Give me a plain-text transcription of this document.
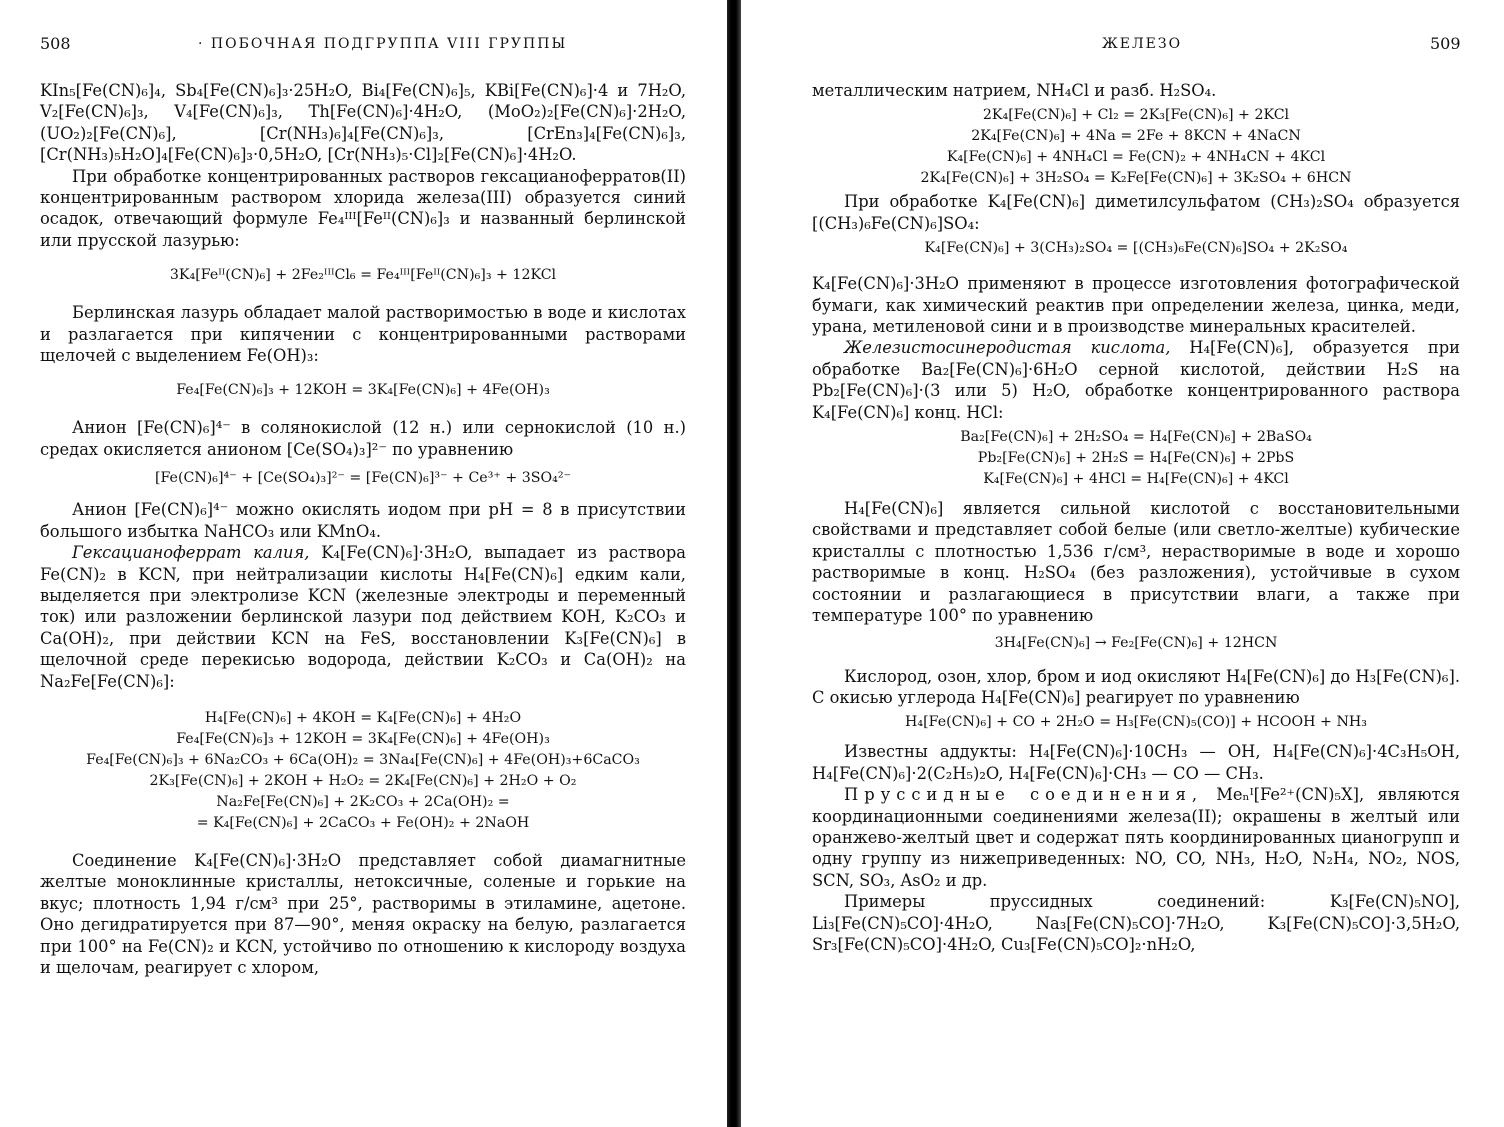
508	· ПОБОЧНАЯ ПОДГРУППА VIII ГРУППЫ

KIn₅[Fe(CN)₆]₄, Sb₄[Fe(CN)₆]₃·25H₂O, Bi₄[Fe(CN)₆]₅, KBi[Fe(CN)₆]·4 и 7H₂O, V₂[Fe(CN)₆]₃, V₄[Fe(CN)₆]₃, Th[Fe(CN)₆]·4H₂O, (MoO₂)₂[Fe(CN)₆]·2H₂O, (UO₂)₂[Fe(CN)₆], [Cr(NH₃)₆]₄[Fe(CN)₆]₃, [CrEn₃]₄[Fe(CN)₆]₃, [Cr(NH₃)₅H₂O]₄[Fe(CN)₆]₃·0,5H₂O, [Cr(NH₃)₅·Cl]₂[Fe(CN)₆]·4H₂O.

При обработке концентрированных растворов гексацианоферратов(II) концентрированным раствором хлорида железа(III) образуется синий осадок, отвечающий формуле Fe₄ᴵᴵᴵ[Feᴵᴵ(CN)₆]₃ и названный берлинской или прусской лазурью:

3K₄[Feᴵᴵ(CN)₆] + 2Fe₂ᴵᴵᴵCl₆ = Fe₄ᴵᴵᴵ[Feᴵᴵ(CN)₆]₃ + 12KCl

Берлинская лазурь обладает малой растворимостью в воде и кислотах и разлагается при кипячении с концентрированными растворами щелочей с выделением Fe(OH)₃:

Fe₄[Fe(CN)₆]₃ + 12KOH = 3K₄[Fe(CN)₆] + 4Fe(OH)₃

Анион [Fe(CN)₆]⁴⁻ в солянокислой (12 н.) или сернокислой (10 н.) средах окисляется анионом [Ce(SO₄)₃]²⁻ по уравнению

[Fe(CN)₆]⁴⁻ + [Ce(SO₄)₃]²⁻ = [Fe(CN)₆]³⁻ + Ce³⁺ + 3SO₄²⁻

Анион [Fe(CN)₆]⁴⁻ можно окислять иодом при pH = 8 в присутствии большого избытка NaHCO₃ или KMnO₄.

Гексацианоферрат калия, K₄[Fe(CN)₆]·3H₂O, выпадает из раствора Fe(CN)₂ в KCN, при нейтрализации кислоты H₄[Fe(CN)₆] едким кали, выделяется при электролизе KCN (железные электроды и переменный ток) или разложении берлинской лазури под действием KOH, K₂CO₃ и Ca(OH)₂, при действии KCN на FeS, восстановлении K₃[Fe(CN)₆] в щелочной среде перекисью водорода, действии K₂CO₃ и Ca(OH)₂ на Na₂Fe[Fe(CN)₆]:

H₄[Fe(CN)₆] + 4KOH = K₄[Fe(CN)₆] + 4H₂O

Fe₄[Fe(CN)₆]₃ + 12KOH = 3K₄[Fe(CN)₆] + 4Fe(OH)₃

Fe₄[Fe(CN)₆]₃ + 6Na₂CO₃ + 6Ca(OH)₂ = 3Na₄[Fe(CN)₆] + 4Fe(OH)₃+6CaCO₃

2K₃[Fe(CN)₆] + 2KOH + H₂O₂ = 2K₄[Fe(CN)₆] + 2H₂O + O₂

Na₂Fe[Fe(CN)₆] + 2K₂CO₃ + 2Ca(OH)₂ =

= K₄[Fe(CN)₆] + 2CaCO₃ + Fe(OH)₂ + 2NaOH

Соединение K₄[Fe(CN)₆]·3H₂O представляет собой диамагнитные желтые моноклинные кристаллы, нетоксичные, соленые и горькие на вкус; плотность 1,94 г/см³ при 25°, растворимы в этиламине, ацетоне. Оно дегидратируется при 87—90°, меняя окраску на белую, разлагается при 100° на Fe(CN)₂ и KCN, устойчиво по отношению к кислороду воздуха и щелочам, реагирует с хлором,

ЖЕЛЕЗО	509

металлическим натрием, NH₄Cl и разб. H₂SO₄.

2K₄[Fe(CN)₆] + Cl₂ = 2K₃[Fe(CN)₆] + 2KCl

2K₄[Fe(CN)₆] + 4Na = 2Fe + 8KCN + 4NaCN

K₄[Fe(CN)₆] + 4NH₄Cl = Fe(CN)₂ + 4NH₄CN + 4KCl

2K₄[Fe(CN)₆] + 3H₂SO₄ = K₂Fe[Fe(CN)₆] + 3K₂SO₄ + 6HCN

При обработке K₄[Fe(CN)₆] диметилсульфатом (CH₃)₂SO₄ образуется [(CH₃)₆Fe(CN)₆]SO₄:

K₄[Fe(CN)₆] + 3(CH₃)₂SO₄ = [(CH₃)₆Fe(CN)₆]SO₄ + 2K₂SO₄

K₄[Fe(CN)₆]·3H₂O применяют в процессе изготовления фотографической бумаги, как химический реактив при определении железа, цинка, меди, урана, метиленовой сини и в производстве минеральных красителей.

Железистосинеродистая кислота, H₄[Fe(CN)₆], образуется при обработке Ba₂[Fe(CN)₆]·6H₂O серной кислотой, действии H₂S на Pb₂[Fe(CN)₆]·(3 или 5) H₂O, обработке концентрированного раствора K₄[Fe(CN)₆] конц. HCl:

Ba₂[Fe(CN)₆] + 2H₂SO₄ = H₄[Fe(CN)₆] + 2BaSO₄

Pb₂[Fe(CN)₆] + 2H₂S = H₄[Fe(CN)₆] + 2PbS

K₄[Fe(CN)₆] + 4HCl = H₄[Fe(CN)₆] + 4KCl

H₄[Fe(CN)₆] является сильной кислотой с восстановительными свойствами и представляет собой белые (или светло-желтые) кубические кристаллы с плотностью 1,536 г/см³, нерастворимые в воде и хорошо растворимые в конц. H₂SO₄ (без разложения), устойчивые в сухом состоянии и разлагающиеся в присутствии влаги, а также при температуре 100° по уравнению

3H₄[Fe(CN)₆] → Fe₂[Fe(CN)₆] + 12HCN

Кислород, озон, хлор, бром и иод окисляют H₄[Fe(CN)₆] до H₃[Fe(CN)₆]. С окисью углерода H₄[Fe(CN)₆] реагирует по уравнению

H₄[Fe(CN)₆] + CO + 2H₂O = H₃[Fe(CN)₅(CO)] + HCOOH + NH₃

Известны аддукты: H₄[Fe(CN)₆]·10CH₃ — OH, H₄[Fe(CN)₆]·4C₃H₅OH, H₄[Fe(CN)₆]·2(C₂H₅)₂O, H₄[Fe(CN)₆]·CH₃ — CO — CH₃.

Прусcидные соединения, Meₙᴵ[Fe²⁺(CN)₅X], являются координационными соединениями железа(II); окрашены в желтый или оранжево-желтый цвет и содержат пять координированных цианогрупп и одну группу из нижеприведенных: NO, CO, NH₃, H₂O, N₂H₄, NO₂, NOS, SCN, SO₃, AsO₂ и др.

Примеры пруссидных соединений: K₃[Fe(CN)₅NO], Li₃[Fe(CN)₅CO]·4H₂O, Na₃[Fe(CN)₅CO]·7H₂O, K₃[Fe(CN)₅CO]·3,5H₂O, Sr₃[Fe(CN)₅CO]·4H₂O, Cu₃[Fe(CN)₅CO]₂·nH₂O,
